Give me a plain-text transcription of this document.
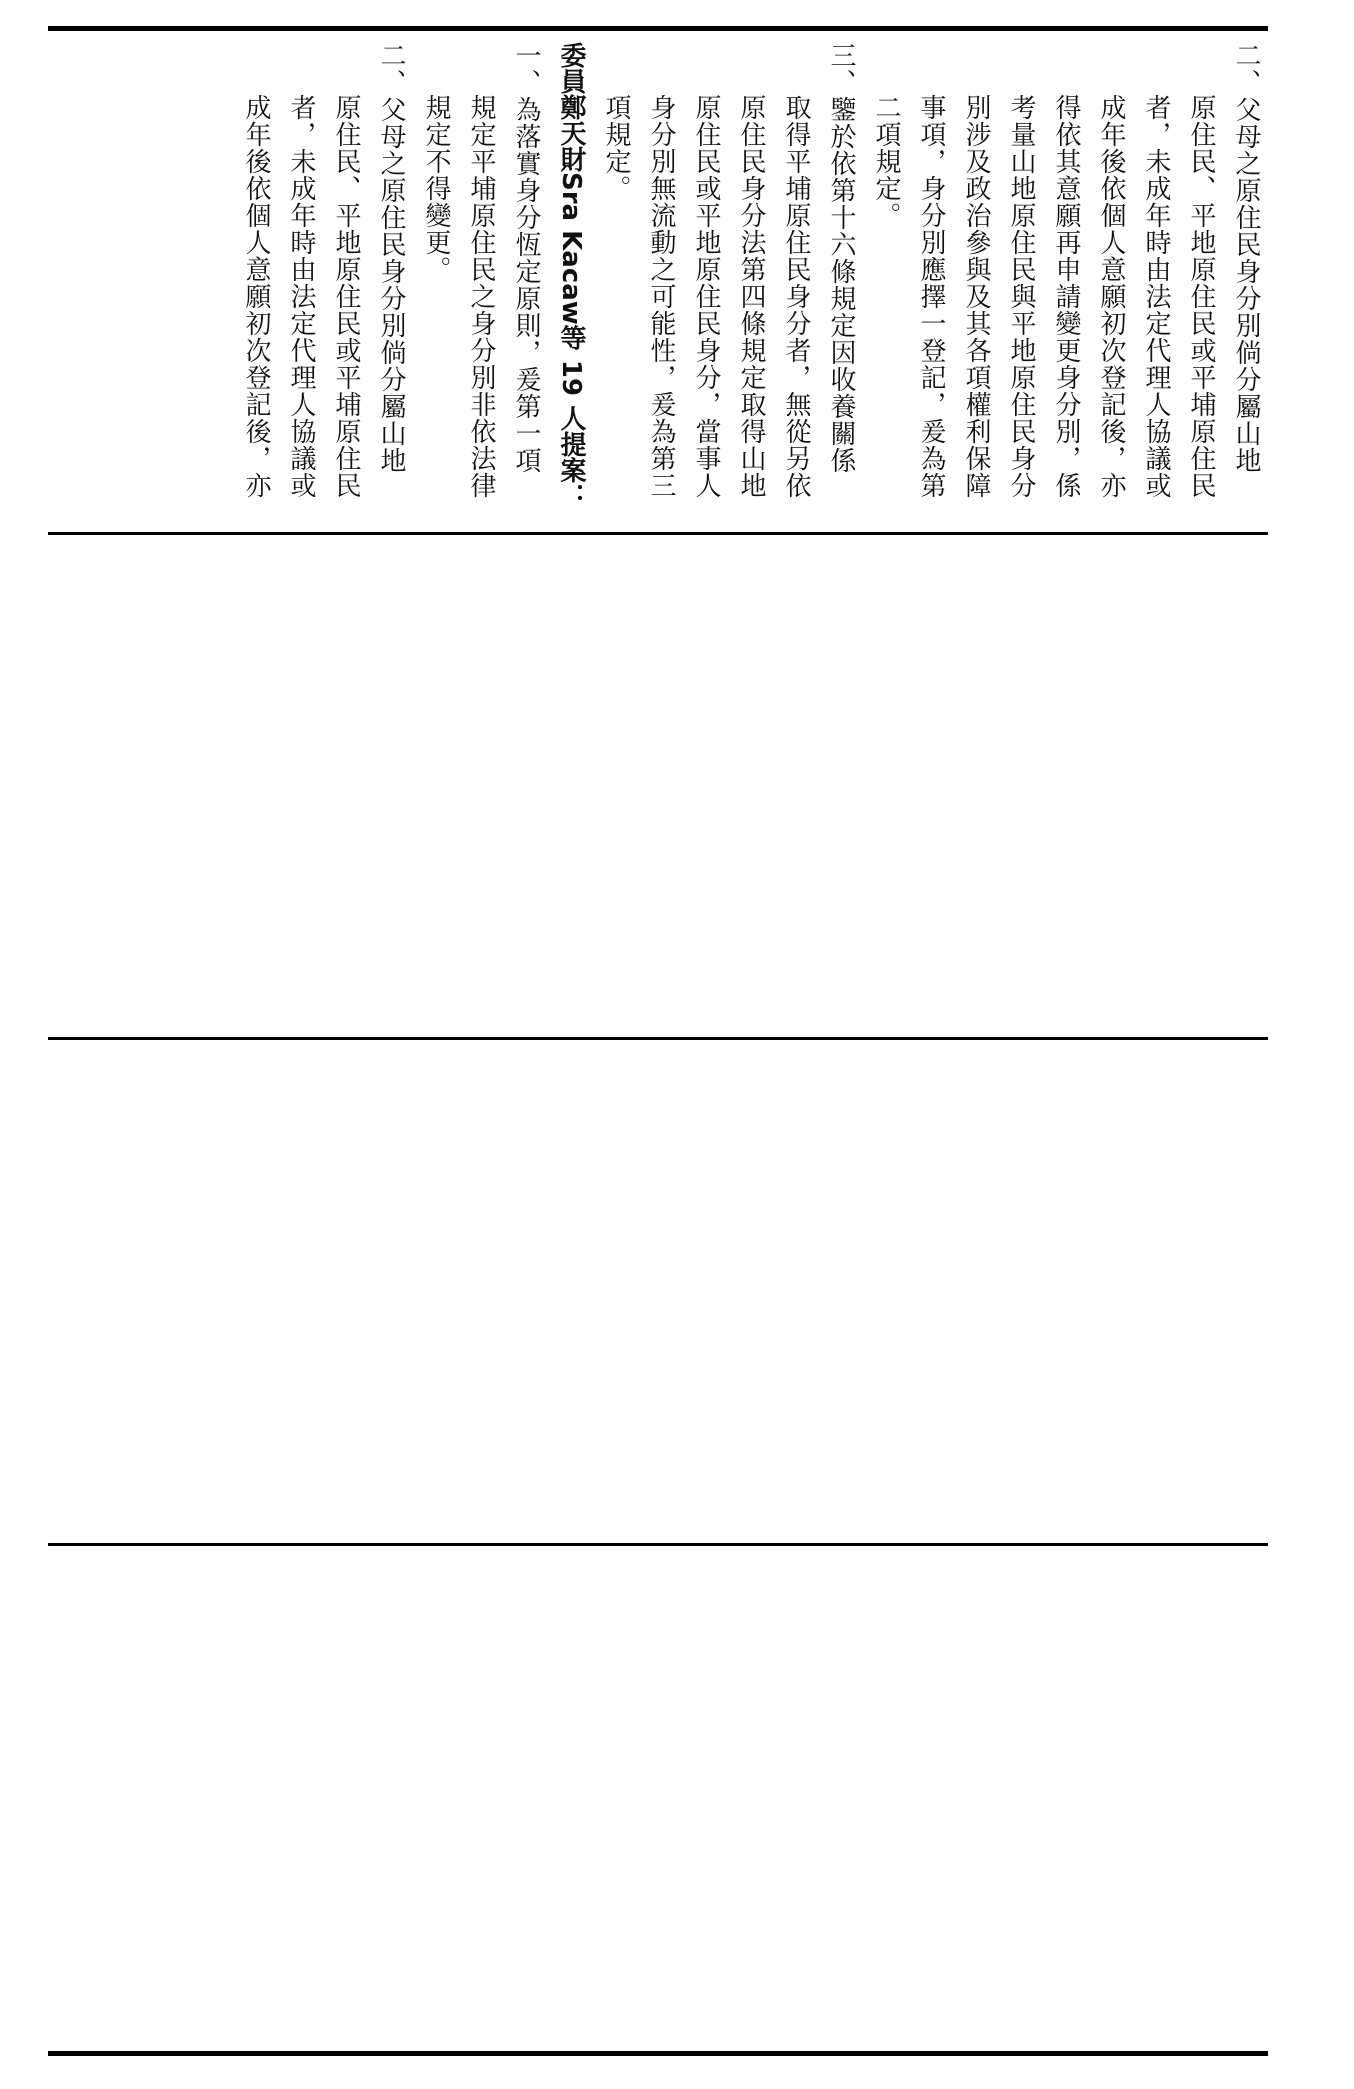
二、父母之原住民身分別倘分屬山地
原住民、平地原住民或平埔原住民
者，未成年時由法定代理人協議或
成年後依個人意願初次登記後，亦
得依其意願再申請變更身分別，係
考量山地原住民與平地原住民身分
別涉及政治參與及其各項權利保障
事項，身分別應擇一登記，爰為第
二項規定。
三、鑒於依第十六條規定因收養關係
取得平埔原住民身分者，無從另依
原住民身分法第四條規定取得山地
原住民或平地原住民身分，當事人
身分別無流動之可能性，爰為第三
項規定。
委員鄭天財Sra Kacaw等 19 人提案：
一、為落實身分恆定原則，爰第一項
規定平埔原住民之身分別非依法律
規定不得變更。
二、父母之原住民身分別倘分屬山地
原住民、平地原住民或平埔原住民
者，未成年時由法定代理人協議或
成年後依個人意願初次登記後，亦
